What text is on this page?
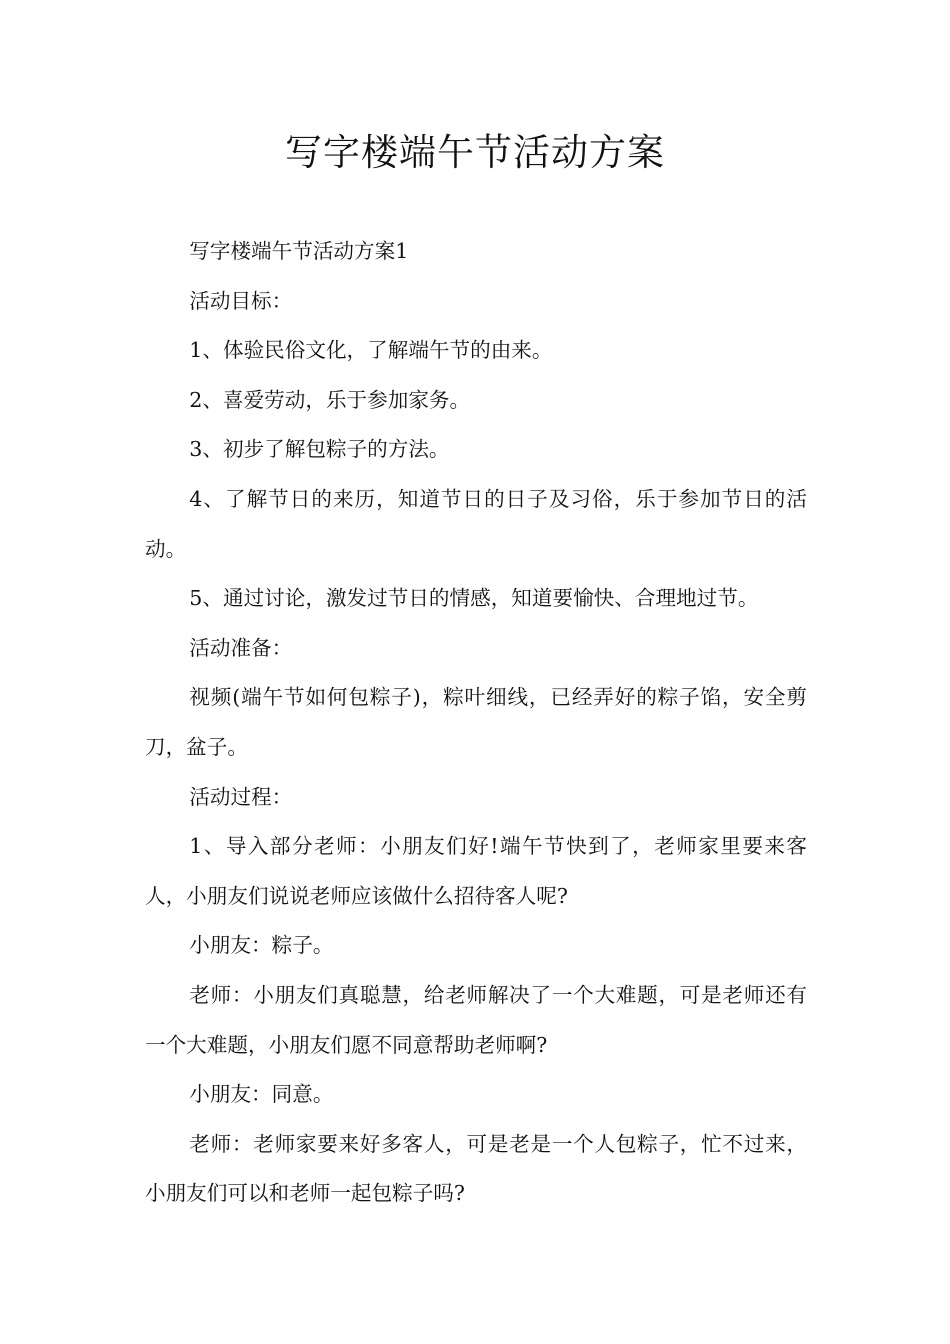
写字楼端午节活动方案

写字楼端午节活动方案1

活动目标：

1、体验民俗文化，了解端午节的由来。

2、喜爱劳动，乐于参加家务。

3、初步了解包粽子的方法。

4、了解节日的来历，知道节日的日子及习俗，乐于参加节日的活动。

5、通过讨论，激发过节日的情感，知道要愉快、合理地过节。

活动准备：

视频(端午节如何包粽子)，粽叶细线，已经弄好的粽子馅，安全剪刀，盆子。

活动过程：

1、导入部分老师：小朋友们好!端午节快到了，老师家里要来客人，小朋友们说说老师应该做什么招待客人呢?

小朋友：粽子。

老师：小朋友们真聪慧，给老师解决了一个大难题，可是老师还有一个大难题，小朋友们愿不同意帮助老师啊?

小朋友：同意。

老师：老师家要来好多客人，可是老是一个人包粽子，忙不过来，小朋友们可以和老师一起包粽子吗?
